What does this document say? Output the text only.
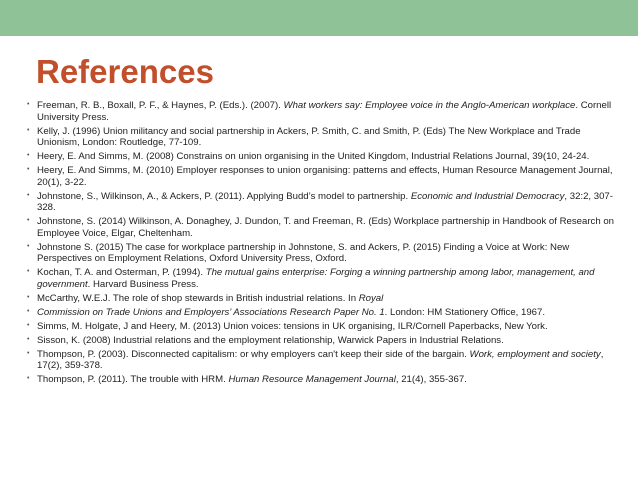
References
• Freeman, R. B., Boxall, P. F., & Haynes, P. (Eds.). (2007). What workers say: Employee voice in the Anglo-American workplace. Cornell University Press.
• Kelly, J. (1996) Union militancy and social partnership in Ackers, P. Smith, C. and Smith, P. (Eds) The New Workplace and Trade Unionism, London: Routledge, 77-109.
• Heery, E. And Simms, M. (2008) Constrains on union organising in the United Kingdom, Industrial Relations Journal, 39(10, 24-24.
• Heery, E. And Simms, M. (2010) Employer responses to union organising: patterns and effects, Human Resource Management Journal, 20(1), 3-22.
• Johnstone, S., Wilkinson, A., & Ackers, P. (2011). Applying Budd’s model to partnership. Economic and Industrial Democracy, 32:2, 307-328.
• Johnstone, S. (2014) Wilkinson, A. Donaghey, J. Dundon, T. and Freeman, R. (Eds) Workplace partnership in Handbook of Research on Employee Voice, Elgar, Cheltenham.
• Johnstone S. (2015) The case for workplace partnership in Johnstone, S. and Ackers, P. (2015) Finding a Voice at Work: New Perspectives on Employment Relations, Oxford University Press, Oxford.
• Kochan, T. A. and Osterman, P. (1994). The mutual gains enterprise: Forging a winning partnership among labor, management, and government. Harvard Business Press.
• McCarthy, W.E.J. The role of shop stewards in British industrial relations. In Royal
• Commission on Trade Unions and Employers’ Associations Research Paper No. 1. London: HM Stationery Office, 1967.
• Simms, M. Holgate, J and Heery, M. (2013) Union voices: tensions in UK organising, ILR/Cornell Paperbacks, New York.
• Sisson, K. (2008) Industrial relations and the employment relationship, Warwick Papers in Industrial Relations.
• Thompson, P. (2003). Disconnected capitalism: or why employers can't keep their side of the bargain. Work, employment and society, 17(2), 359-378.
• Thompson, P. (2011). The trouble with HRM. Human Resource Management Journal, 21(4), 355-367.
